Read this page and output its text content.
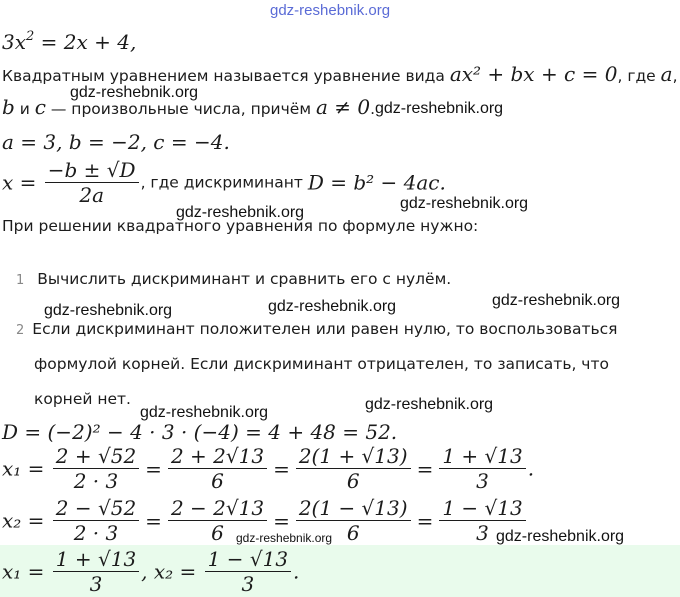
gdz-reshebnik.org
gdz-reshebnik.org
gdz-reshebnik.org
gdz-reshebnik.org
gdz-reshebnik.org
gdz-reshebnik.org
gdz-reshebnik.org	gdz-reshebnik.org
gdz-reshebnik.org
gdz-reshebnik.org
gdz-reshebnik.org
gdz-reshebnik.org
$3x^2 = 2x + 4$,
Квадратным уравнением называется уравнение вида ax² + bx + c = 0, где a,
b и c — произвольные числа, причём a ≠ 0.
a = 3, b = −2, c = −4.
$x = \frac{-b \pm √D}{2a}$ , где дискриминант D = b² − 4ac.
При решении квадратного уравнения по формуле нужно:
1 Вычислить дискриминант и сравнить его с нулём.
2 Если дискриминант положителен или равен нулю, то воспользоваться
формулой корней. Если дискриминант отрицателен, то записать, что
корней нет.
D = (−2)² − 4 · 3 · (−4) = 4 + 48 = 52.
$x_1 = \frac{2 + √52}{2 \cdot 3} = \frac{2 + 2√13}{6} = \frac{2(1 + √13)}{6} = \frac{1 + √13}{3}$ .
$x_2 = \frac{2 - √52}{2 \cdot 3} = \frac{2 - 2√13}{6} = \frac{2(1 - √13)}{6} = \frac{1 - √13}{3}$
$x_1 = \frac{1 + √13}{3}$ , $x_2 = \frac{1 - √13}{3}$ .
